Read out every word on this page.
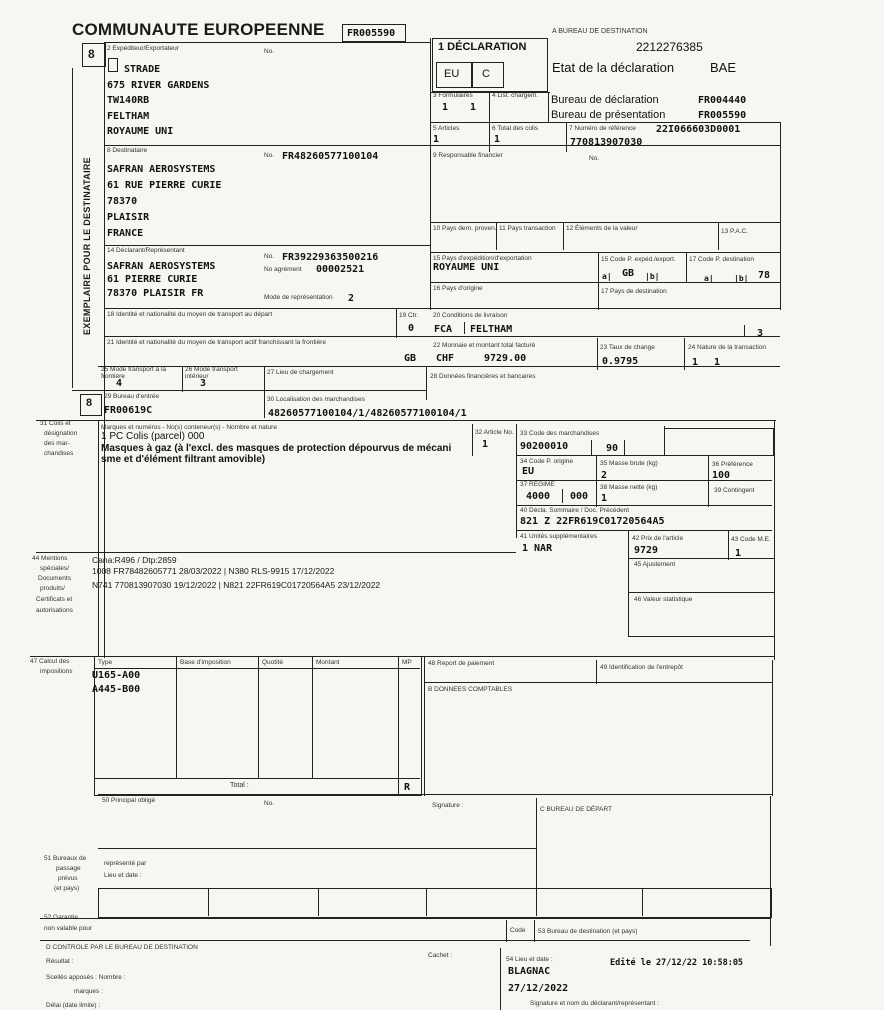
COMMUNAUTE EUROPEENNE FR005590	A BUREAU DE DESTINATION
2212276385
8
EXEMPLAIRE POUR LE DESTINATAIRE
1 DÉCLARATION
EU C	Etat de la déclaration	BAE
2 Expéditeur/Exportateur	No.
STRADE
675 RIVER GARDENS
TW140RB
FELTHAM
ROYAUME UNI
3 Formulaires
1 1
4 List. chargem. Bureau de déclaration	FR004440
Bureau de présentation	FR005590
5 Articles
1
6 Total des colis
1
7 Numéro de référence 22I066603D0001
770813907030
8 Destinataire
No. FR48260577100104
SAFRAN AEROSYSTEMS
61 RUE PIERRE CURIE
78370
PLAISIR
FRANCE
9 Responsable financier	No.
10 Pays dern. proven. 11 Pays transaction 12 Éléments de la valeur	13 P.A.C.
14 Déclarant/Représentant
No. FR39229363500216
No agrément 00002521
SAFRAN AEROSYSTEMS
61 PIERRE CURIE
78370 PLAISIR FR	Mode de représentation 2
15 Pays d'expédition/d'exportation
ROYAUME UNI
15 Code P. expéd./export.
a| GB |b|
17 Code P. destination
a|	|b| 78
16 Pays d'origine	17 Pays de destination
18 Identité et nationalité du moyen de transport au départ	19 Ctr.
0
20 Conditions de livraison
FCA FELTHAM	3
21 Identité et nationalité du moyen de transport actif franchissant la frontière
GB
22 Monnaie et montant total facturé
CHF	9729.00
23 Taux de change
0.9795
24 Nature de la transaction
1 1
25 Mode transport à la frontière
4
26 Mode transport intérieur
3
27 Lieu de chargement
28 Données financières et bancaires
8
29 Bureau d'entrée
FR00619C
30 Localisation des marchandises
48260577100104/1/48260577100104/1
31 Colis et
désignation
des mar-
chandises
Marques et numéros - No(s) conteneur(s) - Nombre et nature
1 PC Colis (parcel) 000
Masques à gaz (à l'excl. des masques de protection dépourvus de mécani
sme et d'élément filtrant amovible)
32 Article No.
1
33 Code des marchandises
90200010	90
34 Code P. origine
EU
35 Masse brute (kg)
2
36 Préférence
100
37 RÉGIME
4000 000
38 Masse nette (kg)
1
39 Contingent
40 Décla. Sommaire / Doc. Précédent
821 Z 22FR619C01720564A5
41 Unités supplémentaires
1 NAR
42 Prix de l'article
9729
43 Code M.E.
1
44 Mentions
spéciales/
Documents
produits/
Certificats et
autorisations
Cana:R496 / Dtp:2859
1008 FR78482605771 28/03/2022 | N380 RLS-9915 17/12/2022
N741 770813907030 19/12/2022 | N821 22FR619C01720564A5 23/12/2022
45 Ajustement
46 Valeur statistique
47 Calcul des
impositions
Type	Base d'imposition	Quotité	Montant	MP
U165-A00
A445-B00
Total :	R
48 Report de paiement
49 Identification de l'entrepôt
B DONNEES COMPTABLES
50 Principal obligé	No.	Signature :
C BUREAU DE DÉPART
représenté par
Lieu et date :
51 Bureaux de
passage
prévus
(et pays)
52 Garantie
non valable pour	Code 53 Bureau de destination (et pays)
D CONTROLE PAR LE BUREAU DE DESTINATION
Résultat :
Scellés apposés : Nombre :
marques :
Délai (date limite) :
Cachet :
54 Lieu et date :	Edité le 27/12/22 10:58:05
BLAGNAC
27/12/2022
Signature et nom du déclarant/représentant :
